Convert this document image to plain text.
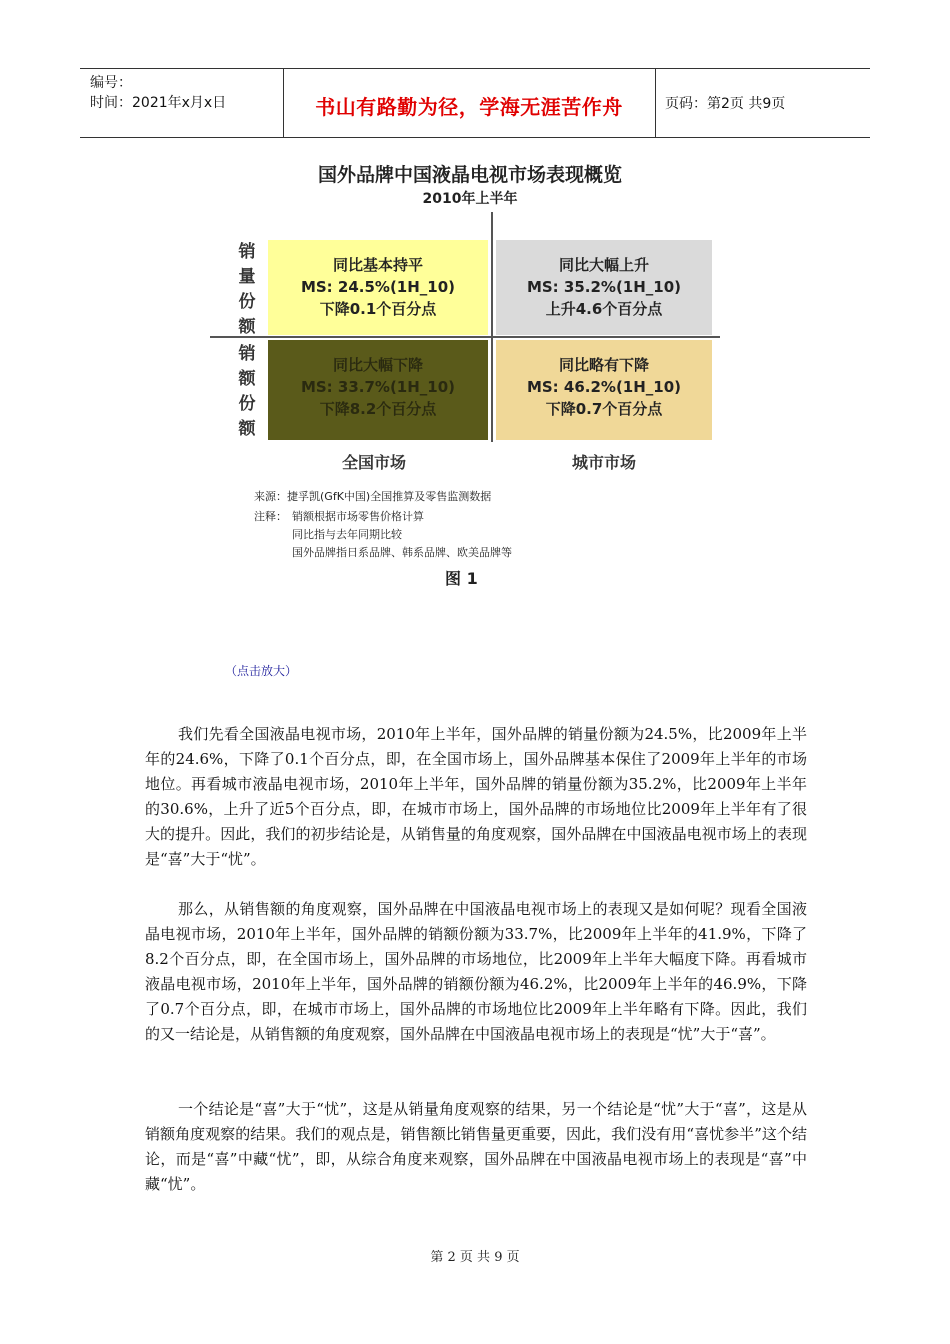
编号：
时间：2021年x月x日	书山有路勤为径，学海无涯苦作舟	页码：第2页 共9页
国外品牌中国液晶电视市场表现概览
2010年上半年
销
量
份
额
销
额
份
额
同比基本持平
MS: 24.5%(1H_10)
下降0.1个百分点
同比大幅上升
MS: 35.2%(1H_10)
上升4.6个百分点
同比大幅下降
MS: 33.7%(1H_10)
下降8.2个百分点
同比略有下降
MS: 46.2%(1H_10)
下降0.7个百分点
全国市场	城市市场
来源：捷孚凯(GfK中国)全国推算及零售监测数据
注释： 销额根据市场零售价格计算
同比指与去年同期比较
国外品牌指日系品牌、韩系品牌、欧美品牌等
图 1
（点击放大）
我们先看全国液晶电视市场，2010年上半年，国外品牌的销量份额为24.5%，比2009年上半年的24.6%，下降了0.1个百分点，即，在全国市场上，国外品牌基本保住了2009年上半年的市场地位。再看城市液晶电视市场，2010年上半年，国外品牌的销量份额为35.2%，比2009年上半年的30.6%，上升了近5个百分点，即，在城市市场上，国外品牌的市场地位比2009年上半年有了很大的提升。因此，我们的初步结论是，从销售量的角度观察，国外品牌在中国液晶电视市场上的表现是“喜”大于“忧”。
那么，从销售额的角度观察，国外品牌在中国液晶电视市场上的表现又是如何呢？现看全国液晶电视市场，2010年上半年，国外品牌的销额份额为33.7%，比2009年上半年的41.9%，下降了8.2个百分点，即，在全国市场上，国外品牌的市场地位，比2009年上半年大幅度下降。再看城市液晶电视市场，2010年上半年，国外品牌的销额份额为46.2%，比2009年上半年的46.9%，下降了0.7个百分点，即，在城市市场上，国外品牌的市场地位比2009年上半年略有下降。因此，我们的又一结论是，从销售额的角度观察，国外品牌在中国液晶电视市场上的表现是“忧”大于“喜”。
一个结论是“喜”大于“忧”，这是从销量角度观察的结果，另一个结论是“忧”大于“喜”，这是从销额角度观察的结果。我们的观点是，销售额比销售量更重要，因此，我们没有用“喜忧参半”这个结论，而是“喜”中藏“忧”，即，从综合角度来观察，国外品牌在中国液晶电视市场上的表现是“喜”中藏“忧”。
第 2 页 共 9 页
